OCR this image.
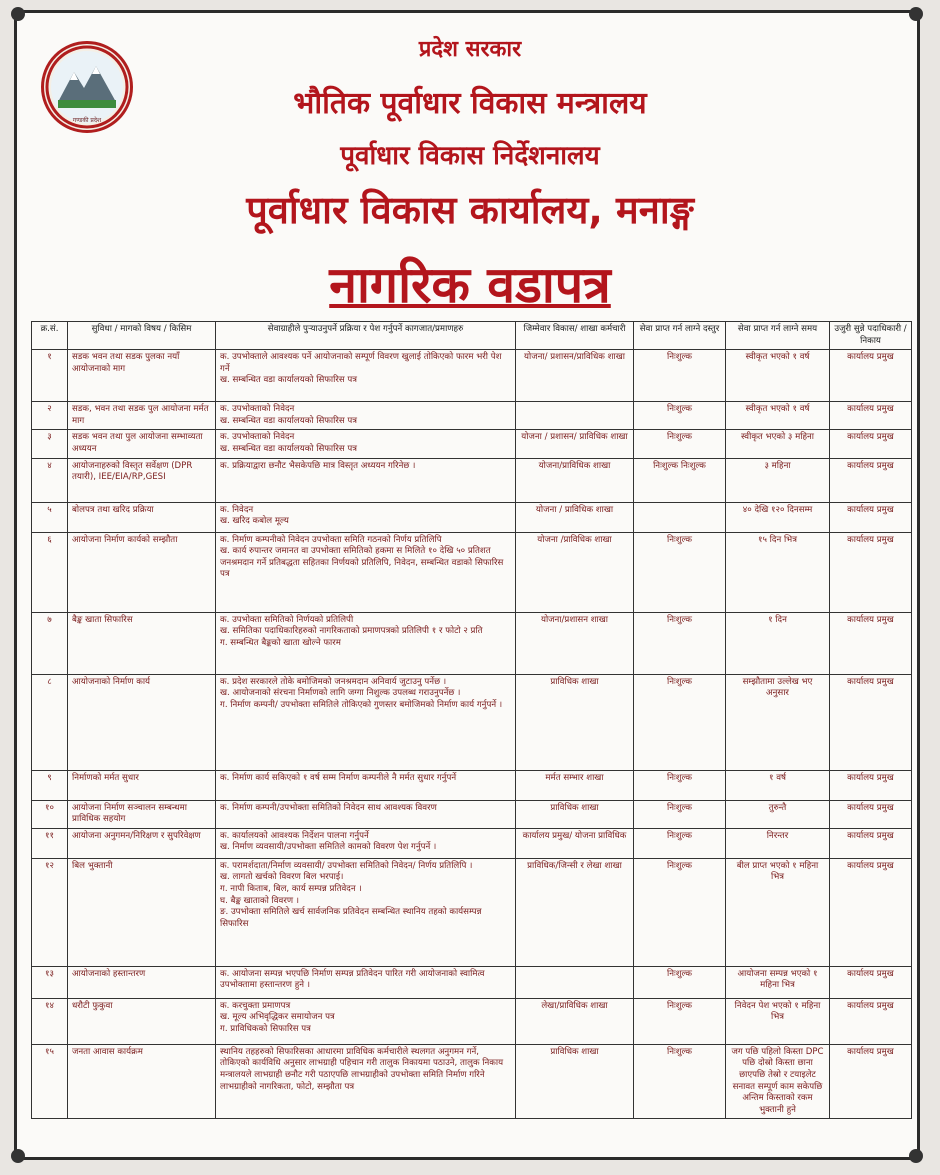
गण्डकी प्रदेश
प्रदेश सरकार
भौतिक पूर्वाधार विकास मन्त्रालय
पूर्वाधार विकास निर्देशनालय
पूर्वाधार विकास कार्यालय, मनाङ्ग
नागरिक वडापत्र
क्र.सं.	सुविधा / मागको विषय / किसिम	सेवाग्राहीले पुर्‍याउनुपर्ने प्रक्रिया र पेश गर्नुपर्ने कागजात/प्रमाणहरु	जिम्मेवार विकास/ शाखा कर्मचारी	सेवा प्राप्त गर्न लाग्ने दस्तुर	सेवा प्राप्त गर्न लाग्ने समय	उजुरी सुन्ने पदाधिकारी / निकाय
१	सडक भवन तथा सडक पुलका नयाँ आयोजनाको माग	क. उपभोक्ताले आवश्यक पर्ने आयोजनाको सम्पूर्ण विवरण खुलाई तोकिएको फारम भरी पेश गर्ने
ख. सम्बन्धित वडा कार्यालयको सिफारिस पत्र	योजना/ प्रशासन/प्राविधिक शाखा	निःशुल्क	स्वीकृत भएको १ वर्ष	कार्यालय प्रमुख
२	सडक, भवन तथा सडक पुल आयोजना मर्मत माग	क. उपभोक्ताको निवेदन
ख. सम्बन्धित वडा कार्यालयको सिफारिस पत्र		निःशुल्क	स्वीकृत भएको १ वर्ष	कार्यालय प्रमुख
३	सडक भवन तथा पुल आयोजना सम्भाव्यता अध्ययन	क. उपभोक्ताको निवेदन
ख. सम्बन्धित वडा कार्यालयको सिफारिस पत्र	योजना / प्रशासन/ प्राविधिक शाखा	निःशुल्क	स्वीकृत भएको ३ महिना	कार्यालय प्रमुख
४	आयोजनाहरुको विस्तृत सर्वेक्षण (DPR तयारी), IEE/EIA/RP,GESI	क. प्रक्रियाद्वारा छनौट भैसकेपछि मात्र विस्तृत अध्ययन गरिनेछ ।	योजना/प्राविधिक शाखा	निःशुल्क निःशुल्क	३ महिना	कार्यालय प्रमुख
५	बोलपत्र तथा खरिद प्रक्रिया	क. निवेदन
ख. खरिद कबोल मूल्य	योजना / प्राविधिक शाखा		४० देखि १२० दिनसम्म	कार्यालय प्रमुख
६	आयोजना निर्माण कार्यको सम्झौता	क. निर्माण कम्पनीको निवेदन उपभोक्ता समिति गठनको निर्णय प्रतिलिपि
ख. कार्य रुपान्तर जमानत वा उपभोक्ता समितिको हकमा स मिलिते १० देखि ५० प्रतिशत जनश्रमदान गर्ने प्रतिबद्धता सहितका निर्णयको प्रतिलिपि, निवेदन, सम्बन्धित वडाको सिफारिस पत्र	योजना /प्राविधिक शाखा	निःशुल्क	१५ दिन भित्र	कार्यालय प्रमुख
७	बैङ्क खाता सिफारिस	क. उपभोक्ता समितिको निर्णयको प्रतिलिपी
ख. समितिका पदाधिकारिहरुको नागरिकताको प्रमाणपत्रको प्रतिलिपी १ र फोटो २ प्रति
ग. सम्बन्धित बैङ्कको खाता खोल्ने फारम	योजना/प्रशासन शाखा	निःशुल्क	१ दिन	कार्यालय प्रमुख
८	आयोजनाको निर्माण कार्य	क. प्रदेश सरकारले तोके बमोजिमको जनश्रमदान अनिवार्य जुटाउनु पर्नेछ ।
ख. आयोजनाको संरचना निर्माणको लागि जग्गा निशुल्क उपलब्ध गराउनुपर्नेछ ।
ग. निर्माण कम्पनी/ उपभोक्ता समितिले तोकिएको गुणस्तर बमोजिमको निर्माण कार्य गर्नुपर्ने ।	प्राविधिक शाखा	निःशुल्क	सम्झौतामा उल्लेख भए अनुसार	कार्यालय प्रमुख
९	निर्माणको मर्मत सुधार	क. निर्माण कार्य सकिएको १ वर्ष सम्म निर्माण कम्पनीले नै मर्मत सुधार गर्नुपर्ने	मर्मत सम्भार शाखा	निःशुल्क	१ वर्ष	कार्यालय प्रमुख
१०	आयोजना निर्माण सञ्चालन सम्बन्धमा प्राविधिक सहयोग	क. निर्माण कम्पनी/उपभोक्ता समितिको निवेदन साथ आवश्यक विवरण	प्राविधिक शाखा	निःशुल्क	तुरुन्तै	कार्यालय प्रमुख
११	आयोजना अनुगमन/निरिक्षण र सुपरिवेक्षण	क. कार्यालयको आवश्यक निर्देशन पालना गर्नुपर्ने
ख. निर्माण व्यवसायी/उपभोक्ता समितिले कामको विवरण पेश गर्नुपर्ने ।	कार्यालय प्रमुख/ योजना प्राविधिक	निःशुल्क	निरन्तर	कार्यालय प्रमुख
१२	बिल भुक्तानी	क. परामर्शदाता/निर्माण व्यवसायी/ उपभोक्ता समितिको निवेदन/ निर्णय प्रतिलिपि ।
ख. लागतो खर्चको विवरण बिल भरपाई।
ग. नापी किताब, बिल, कार्य सम्पन्न प्रतिवेदन ।
घ. बैङ्क खाताको विवरण ।
ङ. उपभोक्ता समितिले खर्च सार्वजनिक प्रतिवेदन सम्बन्धित स्थानिय तहको कार्यसम्पन्न सिफारिस	प्राविधिक/जिन्सी र लेखा शाखा	निःशुल्क	बील प्राप्त भएको १ महिना भित्र	कार्यालय प्रमुख
१३	आयोजनाको हस्तान्तरण	क. आयोजना सम्पन्न भएपछि निर्माण सम्पन्न प्रतिवेदन पारित गरी आयोजनाको स्वामित्व उपभोक्तामा हस्तान्तरण हुने ।		निःशुल्क	आयोजना सम्पन्न भएको १ महिना भित्र	कार्यालय प्रमुख
१४	धरौटी फुकुवा	क. करचुक्ता प्रमाणपत्र
ख. मूल्य अभिवृद्धिकर समायोजन पत्र
ग. प्राविधिकको सिफारिस पत्र	लेखा/प्राविधिक शाखा	निःशुल्क	निवेदन पेश भएको १ महिना भित्र	कार्यालय प्रमुख
१५	जनता आवास कार्यक्रम	स्थानिय तहहरुको सिफारिसका आधारमा प्राविधिक कर्मचारीले स्थलगत अनुगमन गर्ने, तोकिएको कार्यविधि अनुसार लाभग्राही पहिचान गरी तालुक निकायमा पठाउने, तालुक निकाय मन्त्रालयले लाभग्राही छनौट गरी पठाएपछि लाभग्राहीको उपभोक्ता समिति निर्माण गरिने लाभग्राहीको नागरिकता, फोटो, सम्झौता पत्र	प्राविधिक शाखा	निःशुल्क	जग पछि पहिलो किस्ता DPC पछि दोस्रो किस्ता छाना छाएपछि तेस्रो र टयाइलेट सनावत सम्पूर्ण काम सकेपछि अन्तिम किस्ताको रकम भुक्तानी हुने	कार्यालय प्रमुख
